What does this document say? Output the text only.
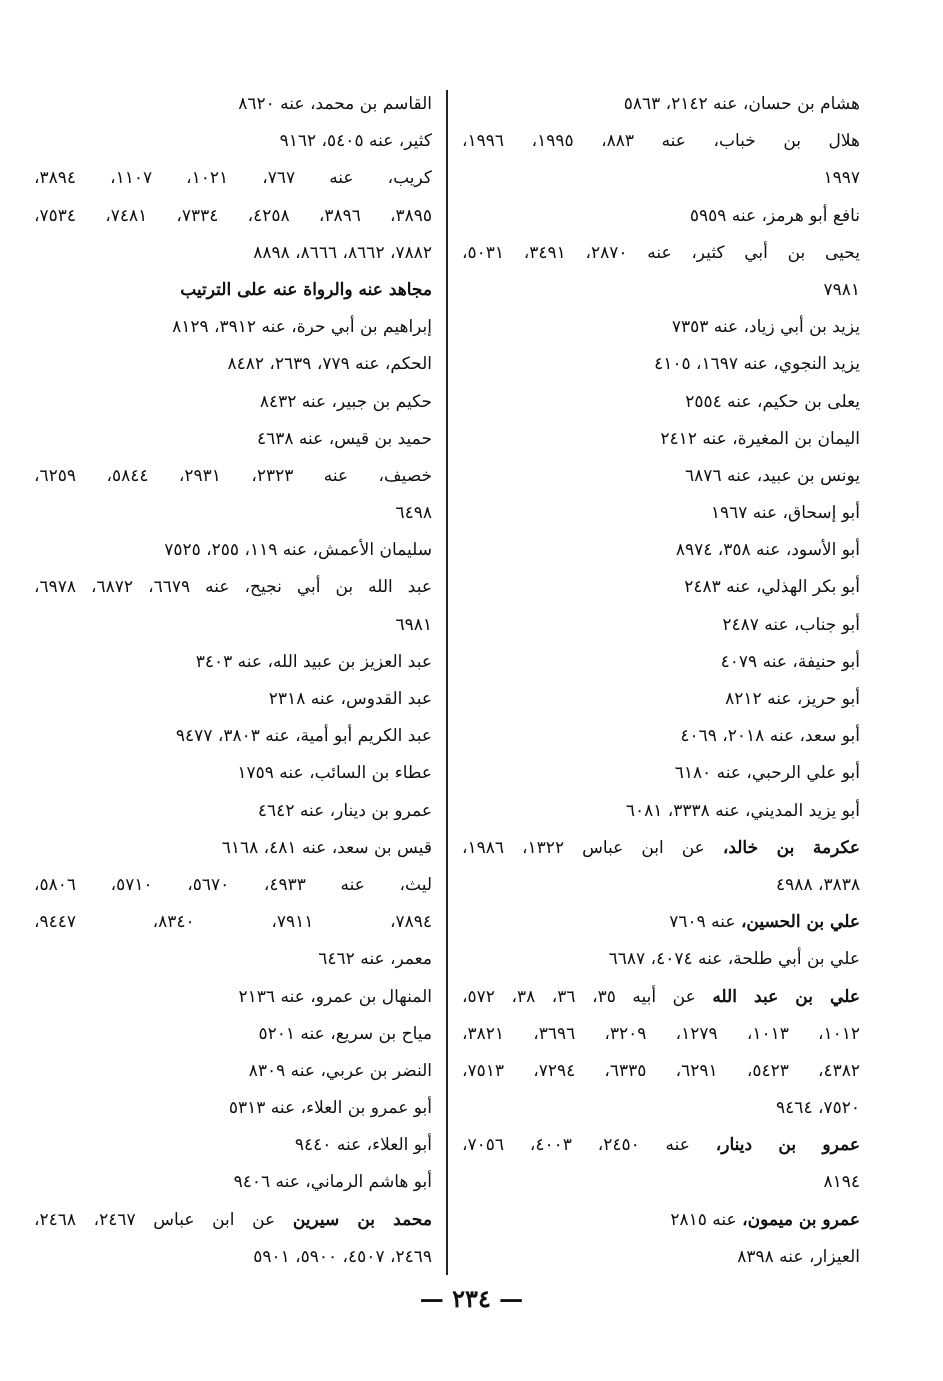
هشام بن حسان، عنه ٢١٤٢، ٥٨٦٣
هلال بن خباب، عنه ٨٨٣، ١٩٩٥، ١٩٩٦،
١٩٩٧
نافع أبو هرمز، عنه ٥٩٥٩
يحيى بن أبي كثير، عنه ٢٨٧٠، ٣٤٩١، ٥٠٣١،
٧٩٨١
يزيد بن أبي زياد، عنه ٧٣٥٣
يزيد النجوي، عنه ١٦٩٧، ٤١٠٥
يعلى بن حكيم، عنه ٢٥٥٤
اليمان بن المغيرة، عنه ٢٤١٢
يونس بن عبيد، عنه ٦٨٧٦
أبو إسحاق، عنه ١٩٦٧
أبو الأسود، عنه ٣٥٨، ٨٩٧٤
أبو بكر الهذلي، عنه ٢٤٨٣
أبو جناب، عنه ٢٤٨٧
أبو حنيفة، عنه ٤٠٧٩
أبو حريز، عنه ٨٢١٢
أبو سعد، عنه ٢٠١٨، ٤٠٦٩
أبو علي الرحبي، عنه ٦١٨٠
أبو يزيد المديني، عنه ٣٣٣٨، ٦٠٨١
عكرمة بن خالد، عن ابن عباس ١٣٢٢، ١٩٨٦،
٣٨٣٨، ٤٩٨٨
علي بن الحسين، عنه ٧٦٠٩
علي بن أبي طلحة، عنه ٤٠٧٤، ٦٦٨٧
علي بن عبد الله عن أبيه ٣٥، ٣٦، ٣٨، ٥٧٢،
١٠١٢، ١٠١٣، ١٢٧٩، ٣٢٠٩، ٣٦٩٦، ٣٨٢١،
٤٣٨٢، ٥٤٢٣، ٦٢٩١، ٦٣٣٥، ٧٢٩٤، ٧٥١٣،
٧٥٢٠، ٩٤٦٤
عمرو بن دينار، عنه ٢٤٥٠، ٤٠٠٣، ٧٠٥٦،
٨١٩٤
عمرو بن ميمون، عنه ٢٨١٥
العيزار، عنه ٨٣٩٨
القاسم بن محمد، عنه ٨٦٢٠
كثير، عنه ٥٤٠٥، ٩١٦٢
كريب، عنه ٧٦٧، ١٠٢١، ١١٠٧، ٣٨٩٤،
٣٨٩٥، ٣٨٩٦، ٤٢٥٨، ٧٣٣٤، ٧٤٨١، ٧٥٣٤،
٧٨٨٢، ٨٦٦٢، ٨٦٦٦، ٨٨٩٨
مجاهد عنه والرواة عنه على الترتيب
إبراهيم بن أبي حرة، عنه ٣٩١٢، ٨١٢٩
الحكم، عنه ٧٧٩، ٢٦٣٩، ٨٤٨٢
حكيم بن جبير، عنه ٨٤٣٢
حميد بن قيس، عنه ٤٦٣٨
خصيف، عنه ٢٣٢٣، ٢٩٣١، ٥٨٤٤، ٦٢٥٩،
٦٤٩٨
سليمان الأعمش، عنه ١١٩، ٢٥٥، ٧٥٢٥
عبد الله بن أبي نجيح، عنه ٦٦٧٩، ٦٨٧٢، ٦٩٧٨،
٦٩٨١
عبد العزيز بن عبيد الله، عنه ٣٤٠٣
عبد القدوس، عنه ٢٣١٨
عبد الكريم أبو أمية، عنه ٣٨٠٣، ٩٤٧٧
عطاء بن السائب، عنه ١٧٥٩
عمرو بن دينار، عنه ٤٦٤٢
قيس بن سعد، عنه ٤٨١، ٦١٦٨
ليث، عنه ٤٩٣٣، ٥٦٧٠، ٥٧١٠، ٥٨٠٦،
٧٨٩٤، ٧٩١١، ٨٣٤٠، ٩٤٤٧،
معمر، عنه ٦٤٦٢
المنهال بن عمرو، عنه ٢١٣٦
مياح بن سريع، عنه ٥٢٠١
النضر بن عربي، عنه ٨٣٠٩
أبو عمرو بن العلاء، عنه ٥٣١٣
أبو العلاء، عنه ٩٤٤٠
أبو هاشم الرماني، عنه ٩٤٠٦
محمد بن سيرين عن ابن عباس ٢٤٦٧، ٢٤٦٨،
٢٤٦٩، ٤٥٠٧، ٥٩٠٠، ٥٩٠١
— ٢٣٤ —
